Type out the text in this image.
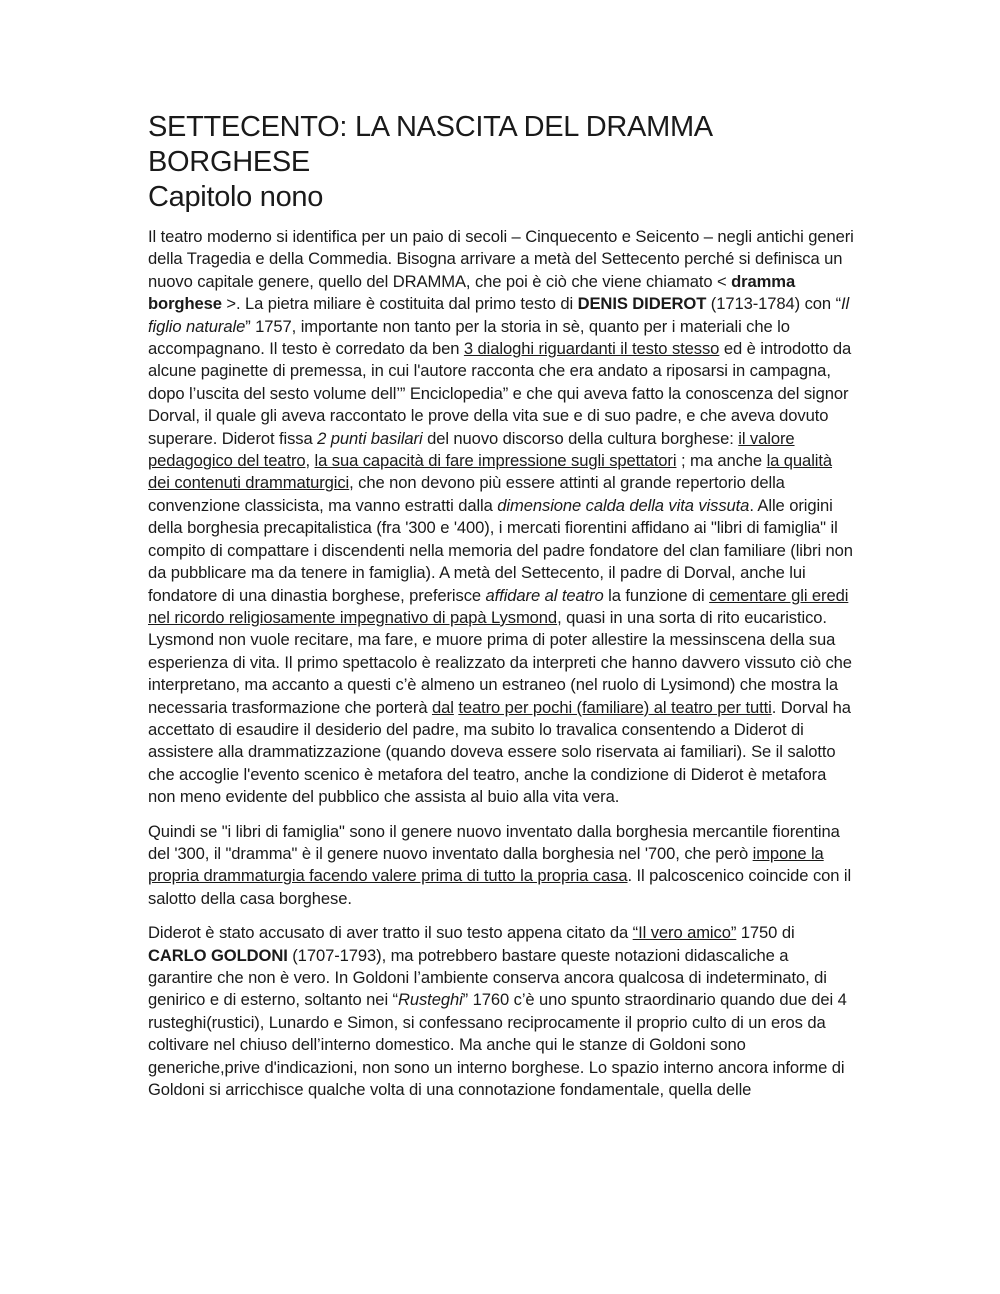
SETTECENTO: LA NASCITA DEL DRAMMA BORGHESE
Capitolo nono

Il teatro moderno si identifica per un paio di secoli – Cinquecento e Seicento – negli antichi generi della Tragedia e della Commedia. Bisogna arrivare a metà del Settecento perché si definisca un nuovo capitale genere, quello del DRAMMA, che poi è ciò che viene chiamato < dramma borghese >. La pietra miliare è costituita dal primo testo di DENIS DIDEROT (1713-1784) con “Il figlio naturale” 1757, importante non tanto per la storia in sè, quanto per i materiali che lo accompagnano. Il testo è corredato da ben 3 dialoghi riguardanti il testo stesso ed è introdotto da alcune paginette di premessa, in cui l'autore racconta che era andato a riposarsi in campagna, dopo l’uscita del sesto volume dell’” Enciclopedia” e che qui aveva fatto la conoscenza del signor Dorval, il quale gli aveva raccontato le prove della vita sue e di suo padre, e che aveva dovuto superare. Diderot fissa 2 punti basilari del nuovo discorso della cultura borghese: il valore pedagogico del teatro, la sua capacità di fare impressione sugli spettatori ; ma anche la qualità dei contenuti drammaturgici, che non devono più essere attinti al grande repertorio della convenzione classicista, ma vanno estratti dalla dimensione calda della vita vissuta. Alle origini della borghesia precapitalistica (fra '300 e '400), i mercati fiorentini affidano ai "libri di famiglia" il compito di compattare i discendenti nella memoria del padre fondatore del clan familiare (libri non da pubblicare ma da tenere in famiglia). A metà del Settecento, il padre di Dorval, anche lui fondatore di una dinastia borghese, preferisce affidare al teatro la funzione di cementare gli eredi nel ricordo religiosamente impegnativo di papà Lysmond, quasi in una sorta di rito eucaristico. Lysmond non vuole recitare, ma fare, e muore prima di poter allestire la messinscena della sua esperienza di vita. Il primo spettacolo è realizzato da interpreti che hanno davvero vissuto ciò che interpretano, ma accanto a questi c’è almeno un estraneo (nel ruolo di Lysimond) che mostra la necessaria trasformazione che porterà dal teatro per pochi (familiare) al teatro per tutti. Dorval ha accettato di esaudire il desiderio del padre, ma subito lo travalica consentendo a Diderot di assistere alla drammatizzazione (quando doveva essere solo riservata ai familiari). Se il salotto che accoglie l'evento scenico è metafora del teatro, anche la condizione di Diderot è metafora non meno evidente del pubblico che assista al buio alla vita vera.

Quindi se "i libri di famiglia" sono il genere nuovo inventato dalla borghesia mercantile fiorentina del '300, il "dramma" è il genere nuovo inventato dalla borghesia nel '700, che però impone la propria drammaturgia facendo valere prima di tutto la propria casa. Il palcoscenico coincide con il salotto della casa borghese.

Diderot è stato accusato di aver tratto il suo testo appena citato da “Il vero amico” 1750 di CARLO GOLDONI (1707-1793), ma potrebbero bastare queste notazioni didascaliche a garantire che non è vero. In Goldoni l’ambiente conserva ancora qualcosa di indeterminato, di genirico e di esterno, soltanto nei “Rusteghi” 1760 c’è uno spunto straordinario quando due dei 4 rusteghi(rustici), Lunardo e Simon, si confessano reciprocamente il proprio culto di un eros da coltivare nel chiuso dell’interno domestico. Ma anche qui le stanze di Goldoni sono generiche,prive d'indicazioni, non sono un interno borghese. Lo spazio interno ancora informe di Goldoni si arricchisce qualche volta di una connotazione fondamentale, quella delle
